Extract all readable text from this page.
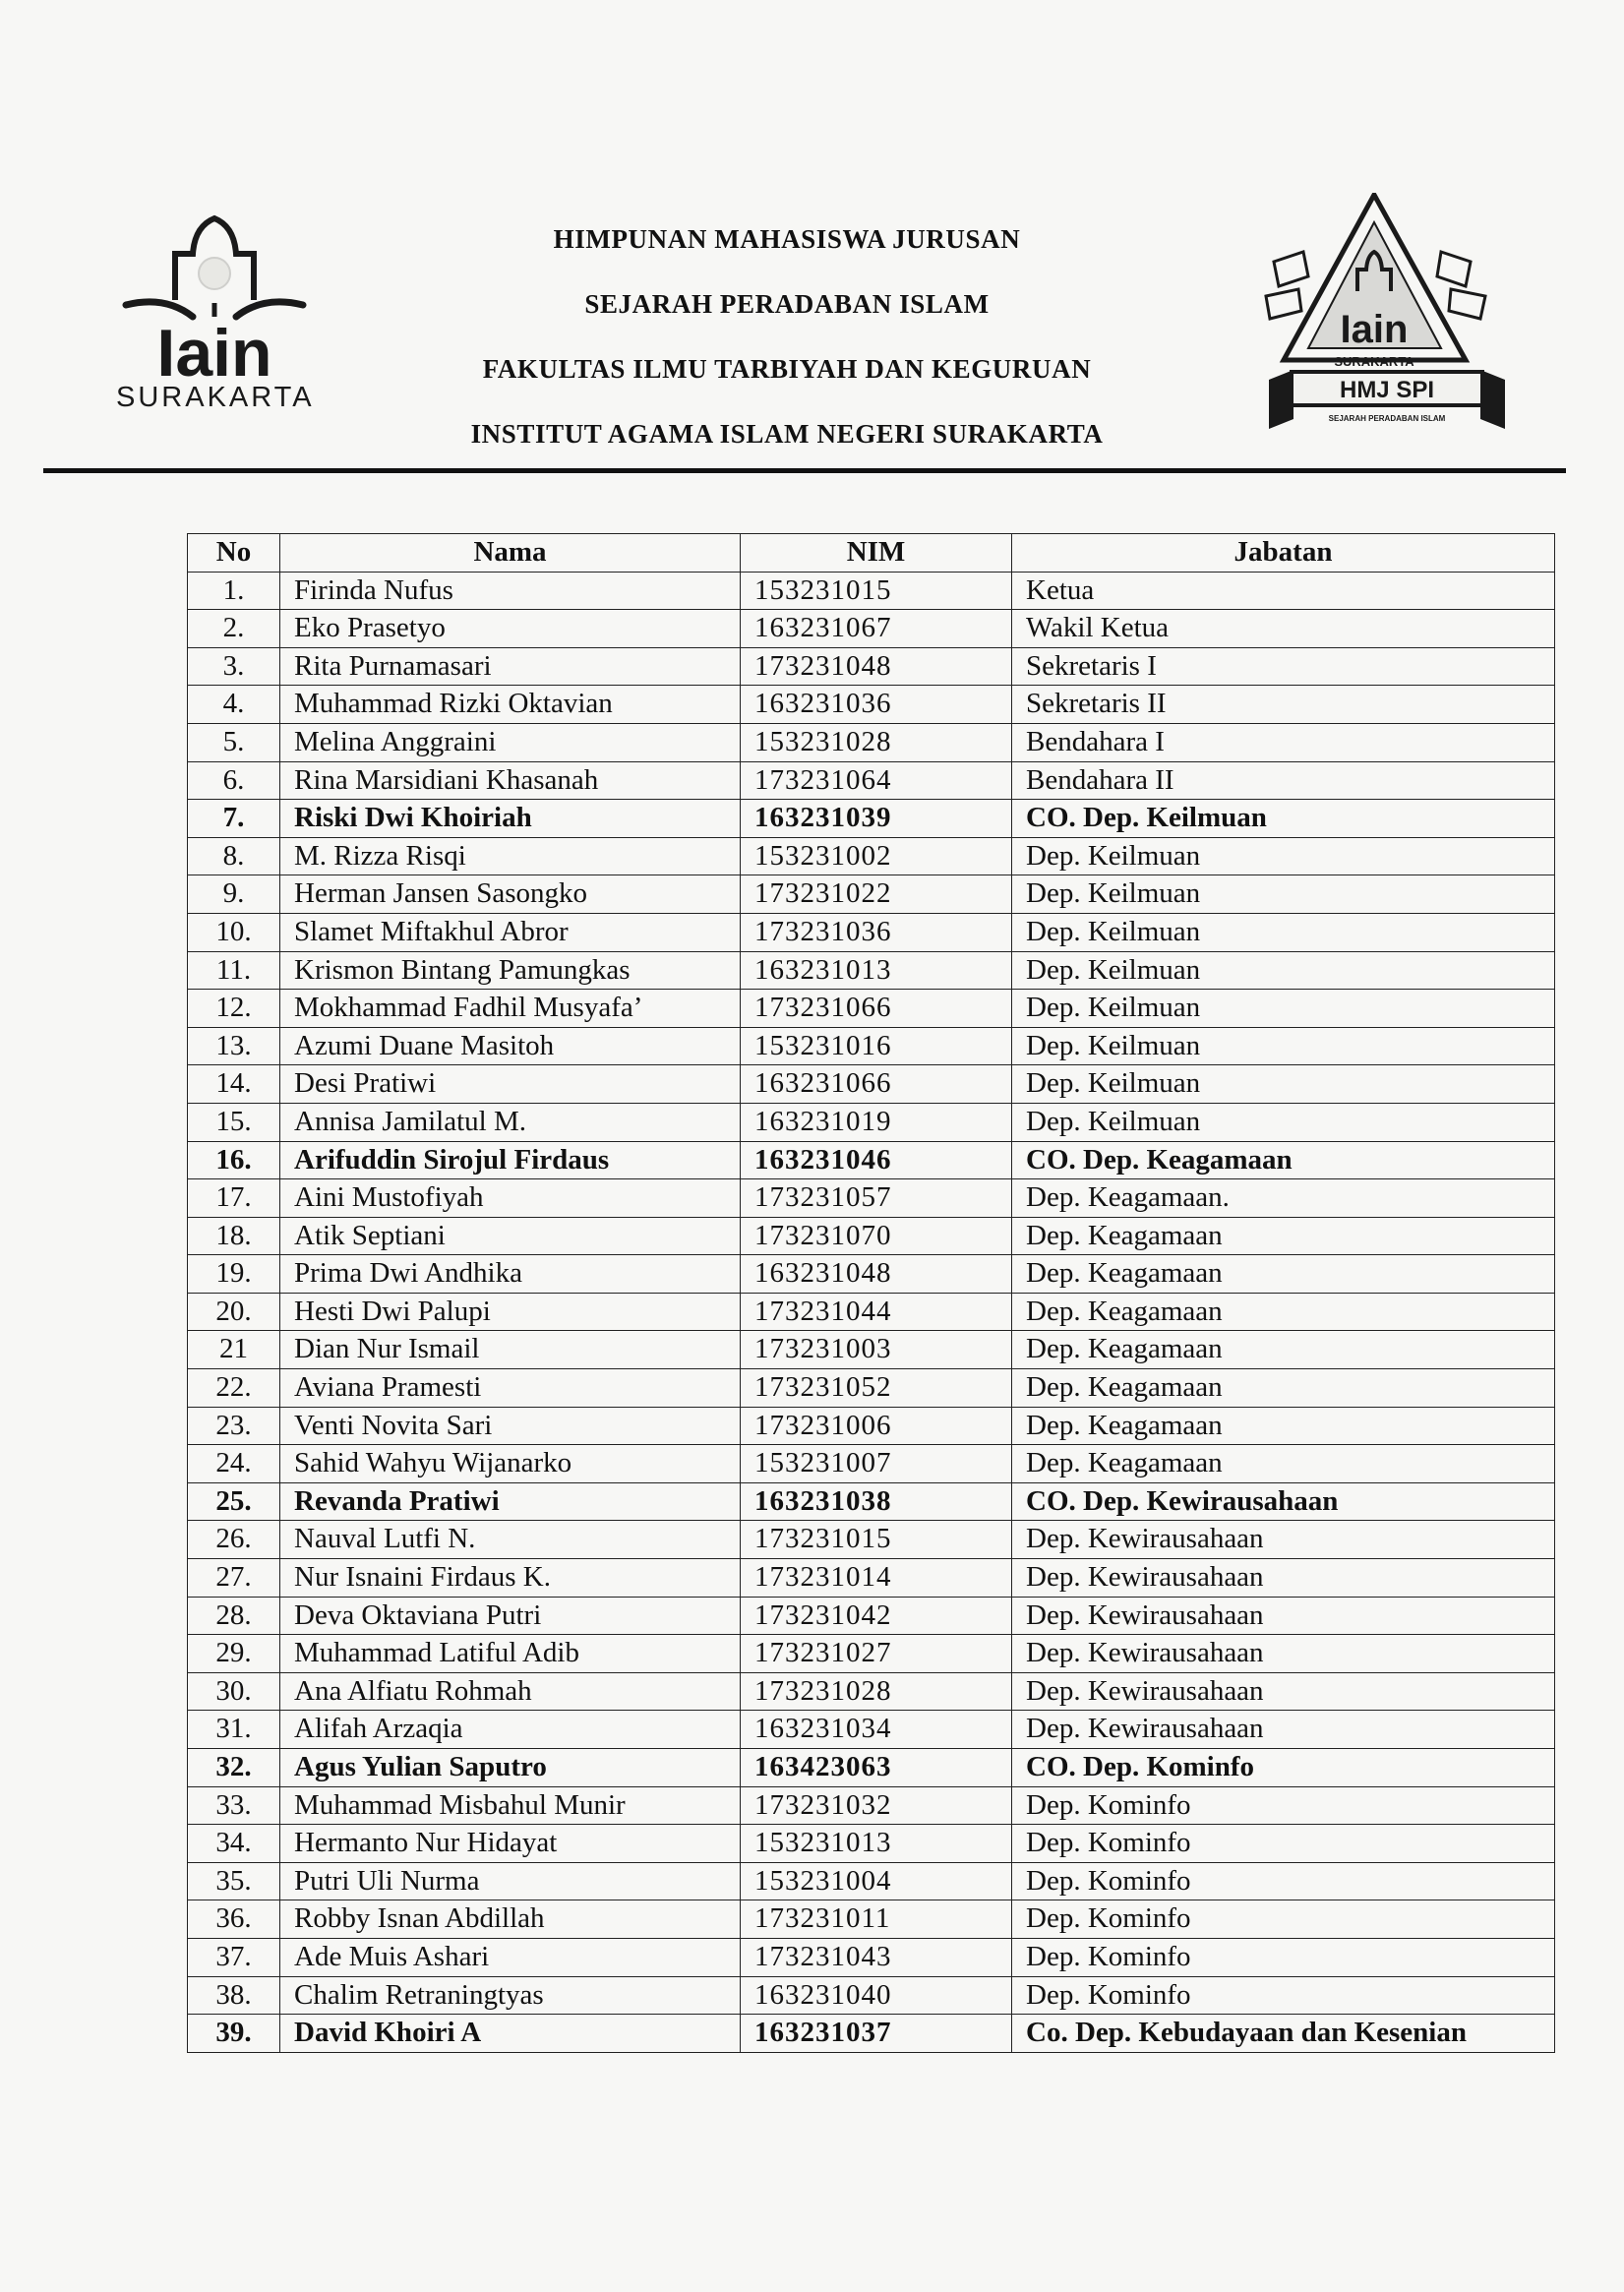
Iain
SURAKARTA
HIMPUNAN MAHASISWA JURUSAN
SEJARAH PERADABAN ISLAM
FAKULTAS ILMU TARBIYAH DAN KEGURUAN
INSTITUT AGAMA ISLAM NEGERI SURAKARTA
Iain
SURAKARTA
HMJ SPI
SEJARAH PERADABAN ISLAM
No	Nama	NIM	Jabatan
1.	Firinda Nufus	153231015	Ketua
2.	Eko Prasetyo	163231067	Wakil Ketua
3.	Rita Purnamasari	173231048	Sekretaris I
4.	Muhammad Rizki Oktavian	163231036	Sekretaris II
5.	Melina Anggraini	153231028	Bendahara I
6.	Rina Marsidiani Khasanah	173231064	Bendahara II
7.	Riski Dwi Khoiriah	163231039	CO. Dep. Keilmuan
8.	M. Rizza Risqi	153231002	Dep. Keilmuan
9.	Herman Jansen Sasongko	173231022	Dep. Keilmuan
10.	Slamet Miftakhul Abror	173231036	Dep. Keilmuan
11.	Krismon Bintang Pamungkas	163231013	Dep. Keilmuan
12.	Mokhammad Fadhil Musyafa’	173231066	Dep. Keilmuan
13.	Azumi Duane Masitoh	153231016	Dep. Keilmuan
14.	Desi Pratiwi	163231066	Dep. Keilmuan
15.	Annisa Jamilatul M.	163231019	Dep. Keilmuan
16.	Arifuddin Sirojul Firdaus	163231046	CO. Dep. Keagamaan
17.	Aini Mustofiyah	173231057	Dep. Keagamaan.
18.	Atik Septiani	173231070	Dep. Keagamaan
19.	Prima Dwi Andhika	163231048	Dep. Keagamaan
20.	Hesti Dwi Palupi	173231044	Dep. Keagamaan
21	Dian Nur Ismail	173231003	Dep. Keagamaan
22.	Aviana Pramesti	173231052	Dep. Keagamaan
23.	Venti Novita Sari	173231006	Dep. Keagamaan
24.	Sahid Wahyu Wijanarko	153231007	Dep. Keagamaan
25.	Revanda Pratiwi	163231038	CO. Dep. Kewirausahaan
26.	Nauval Lutfi N.	173231015	Dep. Kewirausahaan
27.	Nur Isnaini Firdaus K.	173231014	Dep. Kewirausahaan
28.	Deva Oktaviana Putri	173231042	Dep. Kewirausahaan
29.	Muhammad Latiful Adib	173231027	Dep. Kewirausahaan
30.	Ana Alfiatu Rohmah	173231028	Dep. Kewirausahaan
31.	Alifah Arzaqia	163231034	Dep. Kewirausahaan
32.	Agus Yulian Saputro	163423063	CO. Dep. Kominfo
33.	Muhammad Misbahul Munir	173231032	Dep. Kominfo
34.	Hermanto Nur Hidayat	153231013	Dep. Kominfo
35.	Putri Uli Nurma	153231004	Dep. Kominfo
36.	Robby Isnan Abdillah	173231011	Dep. Kominfo
37.	Ade Muis Ashari	173231043	Dep. Kominfo
38.	Chalim Retraningtyas	163231040	Dep. Kominfo
39.	David Khoiri A	163231037	Co. Dep. Kebudayaan dan Kesenian
